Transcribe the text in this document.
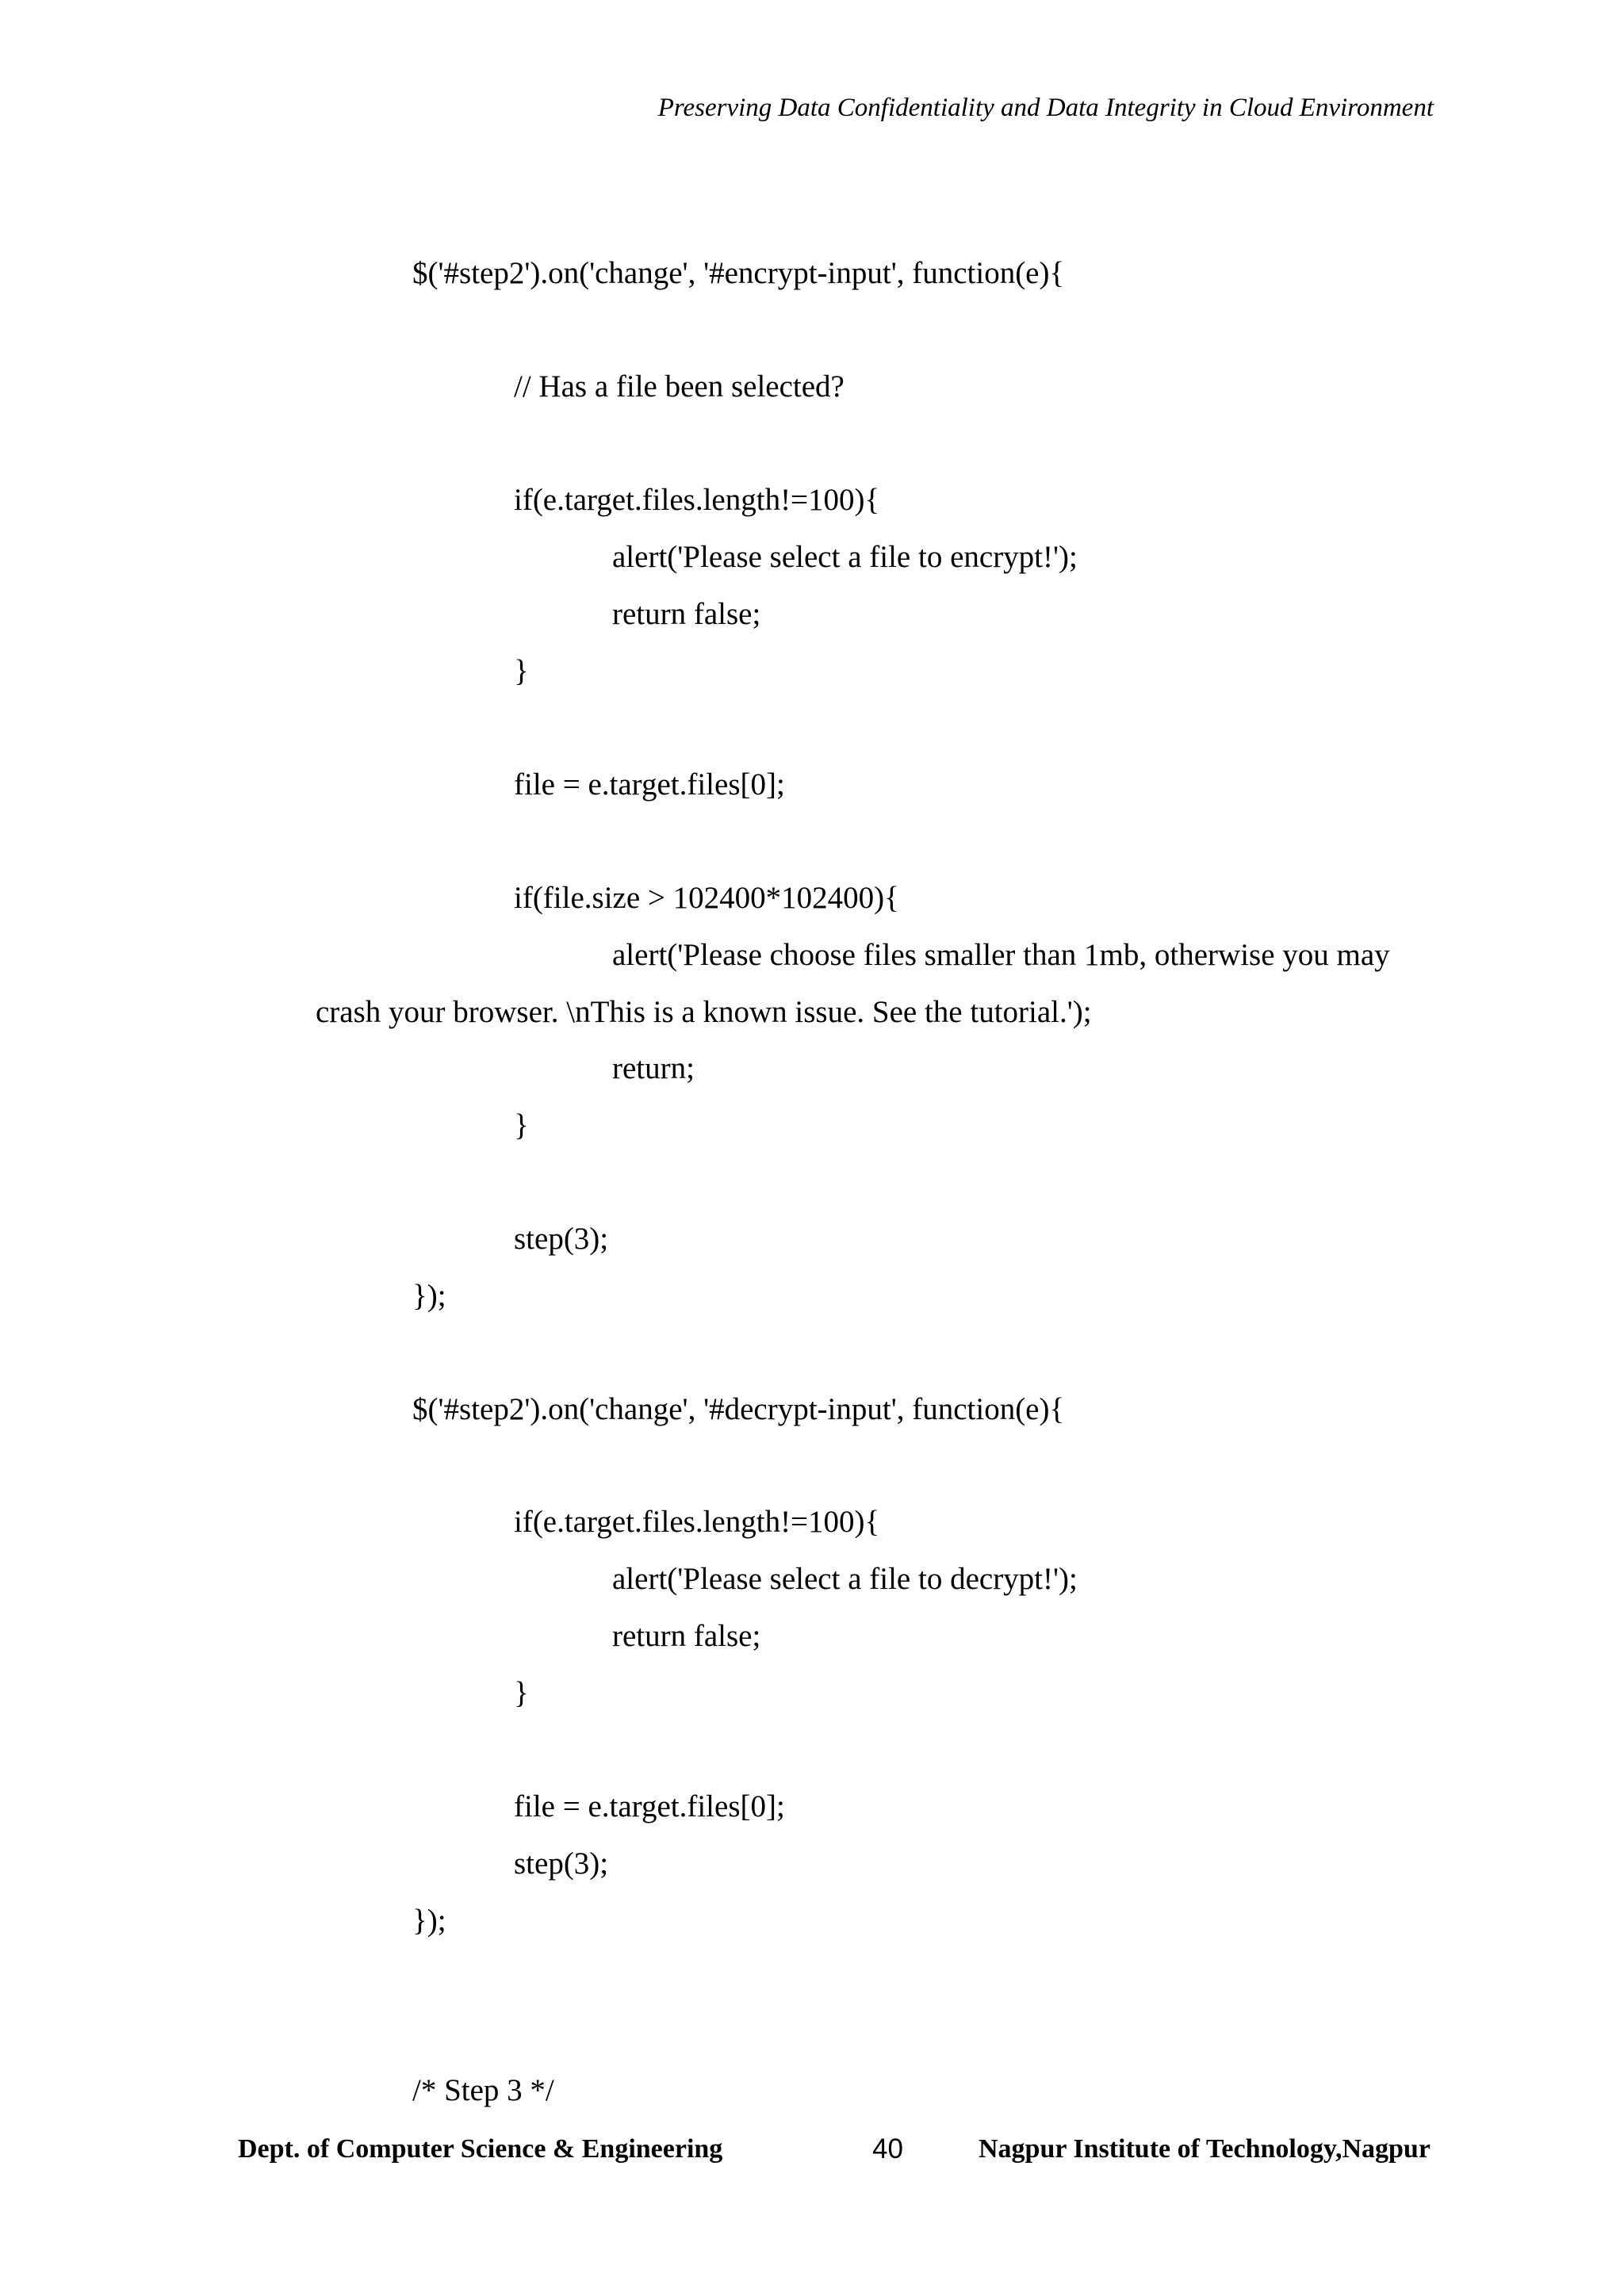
Preserving Data Confidentiality and Data Integrity in Cloud Environment
$('#step2').on('change', '#encrypt-input', function(e){
// Has a file been selected?
if(e.target.files.length!=100){
alert('Please select a file to encrypt!');
return false;
}
file = e.target.files[0];
if(file.size > 102400*102400){
alert('Please choose files smaller than 1mb, otherwise you may
crash your browser. \nThis is a known issue. See the tutorial.');
return;
}
step(3);
});
$('#step2').on('change', '#decrypt-input', function(e){
if(e.target.files.length!=100){
alert('Please select a file to decrypt!');
return false;
}
file = e.target.files[0];
step(3);
});
/* Step 3 */
Dept. of Computer Science & Engineering	40	Nagpur Institute of Technology,Nagpur
